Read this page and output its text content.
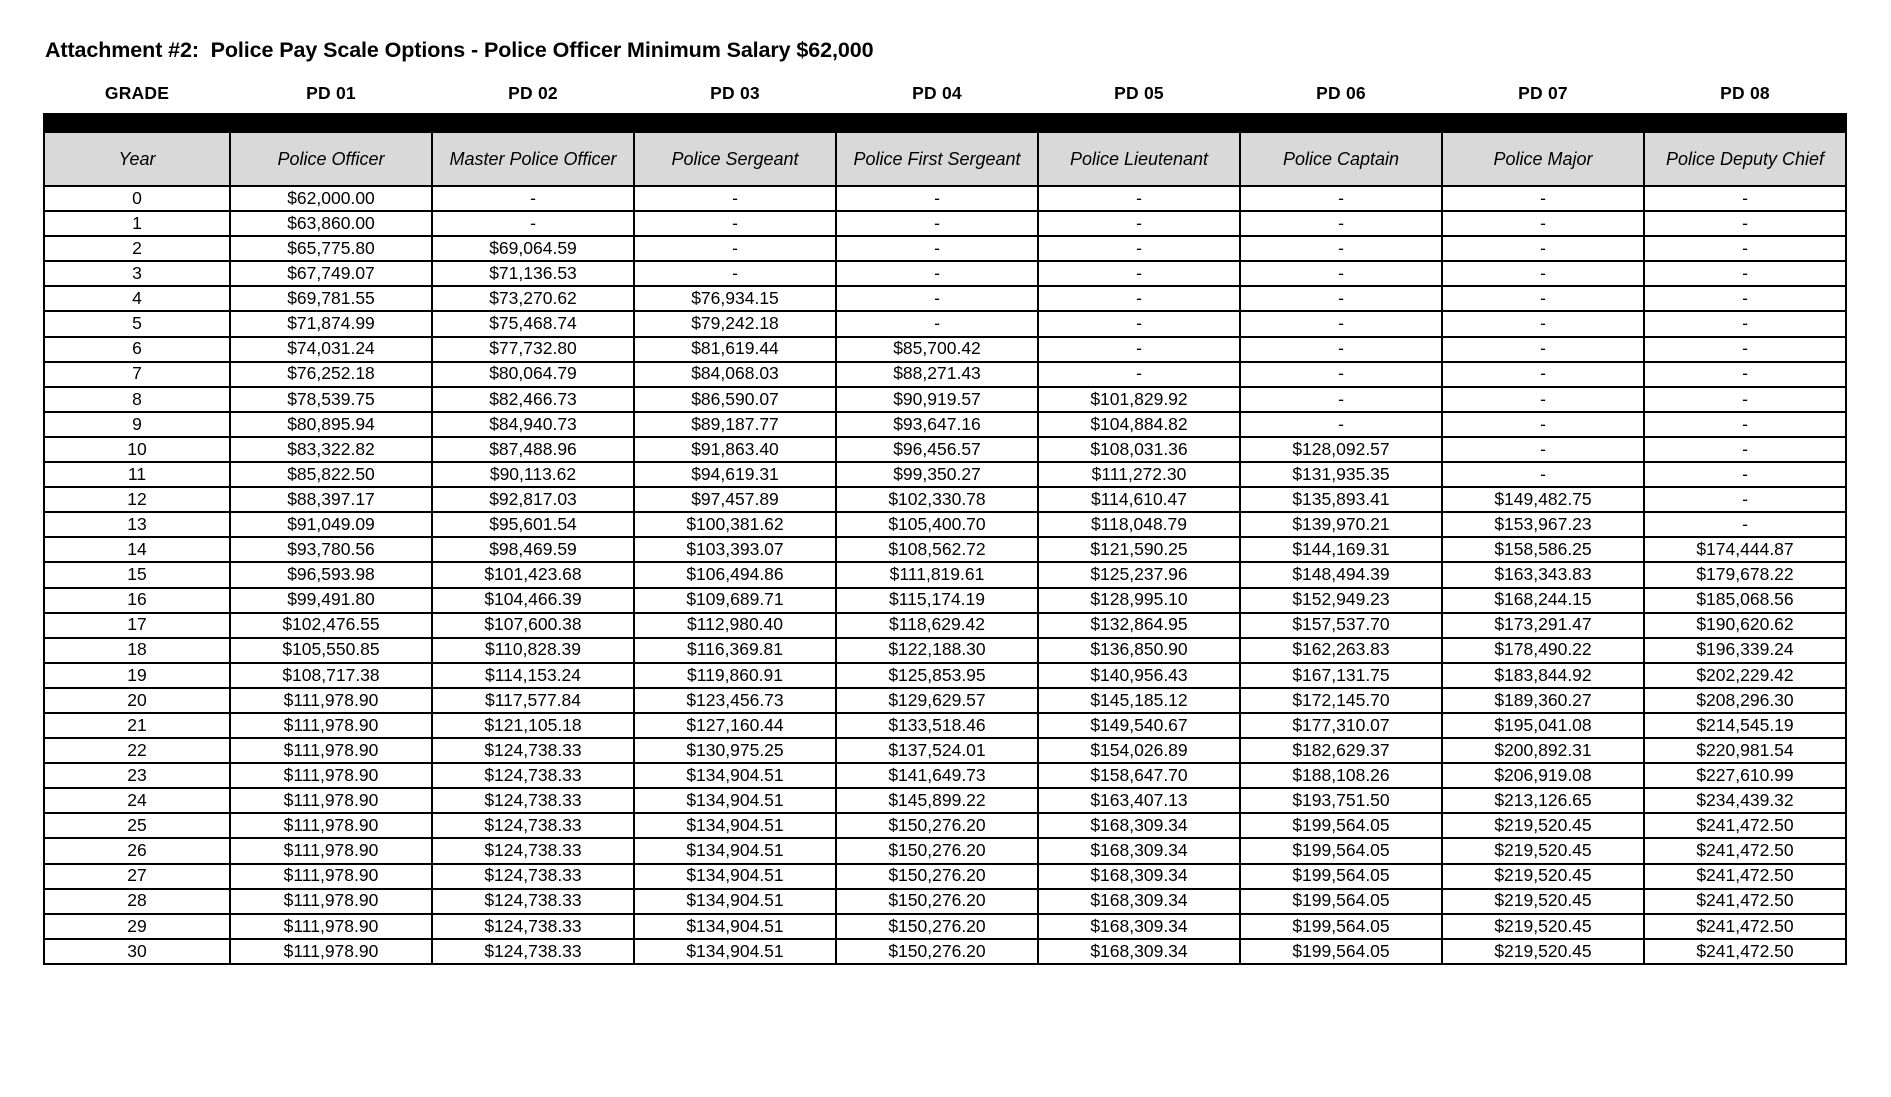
Attachment #2:  Police Pay Scale Options - Police Officer Minimum Salary $62,000
GRADE	PD 01	PD 02	PD 03	PD 04	PD 05	PD 06	PD 07	PD 08

Year	Police Officer	Master Police Officer	Police Sergeant	Police First Sergeant	Police Lieutenant	Police Captain	Police Major	Police Deputy Chief
0	$62,000.00	-	-	-	-	-	-	-
1	$63,860.00	-	-	-	-	-	-	-
2	$65,775.80	$69,064.59	-	-	-	-	-	-
3	$67,749.07	$71,136.53	-	-	-	-	-	-
4	$69,781.55	$73,270.62	$76,934.15	-	-	-	-	-
5	$71,874.99	$75,468.74	$79,242.18	-	-	-	-	-
6	$74,031.24	$77,732.80	$81,619.44	$85,700.42	-	-	-	-
7	$76,252.18	$80,064.79	$84,068.03	$88,271.43	-	-	-	-
8	$78,539.75	$82,466.73	$86,590.07	$90,919.57	$101,829.92	-	-	-
9	$80,895.94	$84,940.73	$89,187.77	$93,647.16	$104,884.82	-	-	-
10	$83,322.82	$87,488.96	$91,863.40	$96,456.57	$108,031.36	$128,092.57	-	-
11	$85,822.50	$90,113.62	$94,619.31	$99,350.27	$111,272.30	$131,935.35	-	-
12	$88,397.17	$92,817.03	$97,457.89	$102,330.78	$114,610.47	$135,893.41	$149,482.75	-
13	$91,049.09	$95,601.54	$100,381.62	$105,400.70	$118,048.79	$139,970.21	$153,967.23	-
14	$93,780.56	$98,469.59	$103,393.07	$108,562.72	$121,590.25	$144,169.31	$158,586.25	$174,444.87
15	$96,593.98	$101,423.68	$106,494.86	$111,819.61	$125,237.96	$148,494.39	$163,343.83	$179,678.22
16	$99,491.80	$104,466.39	$109,689.71	$115,174.19	$128,995.10	$152,949.23	$168,244.15	$185,068.56
17	$102,476.55	$107,600.38	$112,980.40	$118,629.42	$132,864.95	$157,537.70	$173,291.47	$190,620.62
18	$105,550.85	$110,828.39	$116,369.81	$122,188.30	$136,850.90	$162,263.83	$178,490.22	$196,339.24
19	$108,717.38	$114,153.24	$119,860.91	$125,853.95	$140,956.43	$167,131.75	$183,844.92	$202,229.42
20	$111,978.90	$117,577.84	$123,456.73	$129,629.57	$145,185.12	$172,145.70	$189,360.27	$208,296.30
21	$111,978.90	$121,105.18	$127,160.44	$133,518.46	$149,540.67	$177,310.07	$195,041.08	$214,545.19
22	$111,978.90	$124,738.33	$130,975.25	$137,524.01	$154,026.89	$182,629.37	$200,892.31	$220,981.54
23	$111,978.90	$124,738.33	$134,904.51	$141,649.73	$158,647.70	$188,108.26	$206,919.08	$227,610.99
24	$111,978.90	$124,738.33	$134,904.51	$145,899.22	$163,407.13	$193,751.50	$213,126.65	$234,439.32
25	$111,978.90	$124,738.33	$134,904.51	$150,276.20	$168,309.34	$199,564.05	$219,520.45	$241,472.50
26	$111,978.90	$124,738.33	$134,904.51	$150,276.20	$168,309.34	$199,564.05	$219,520.45	$241,472.50
27	$111,978.90	$124,738.33	$134,904.51	$150,276.20	$168,309.34	$199,564.05	$219,520.45	$241,472.50
28	$111,978.90	$124,738.33	$134,904.51	$150,276.20	$168,309.34	$199,564.05	$219,520.45	$241,472.50
29	$111,978.90	$124,738.33	$134,904.51	$150,276.20	$168,309.34	$199,564.05	$219,520.45	$241,472.50
30	$111,978.90	$124,738.33	$134,904.51	$150,276.20	$168,309.34	$199,564.05	$219,520.45	$241,472.50
